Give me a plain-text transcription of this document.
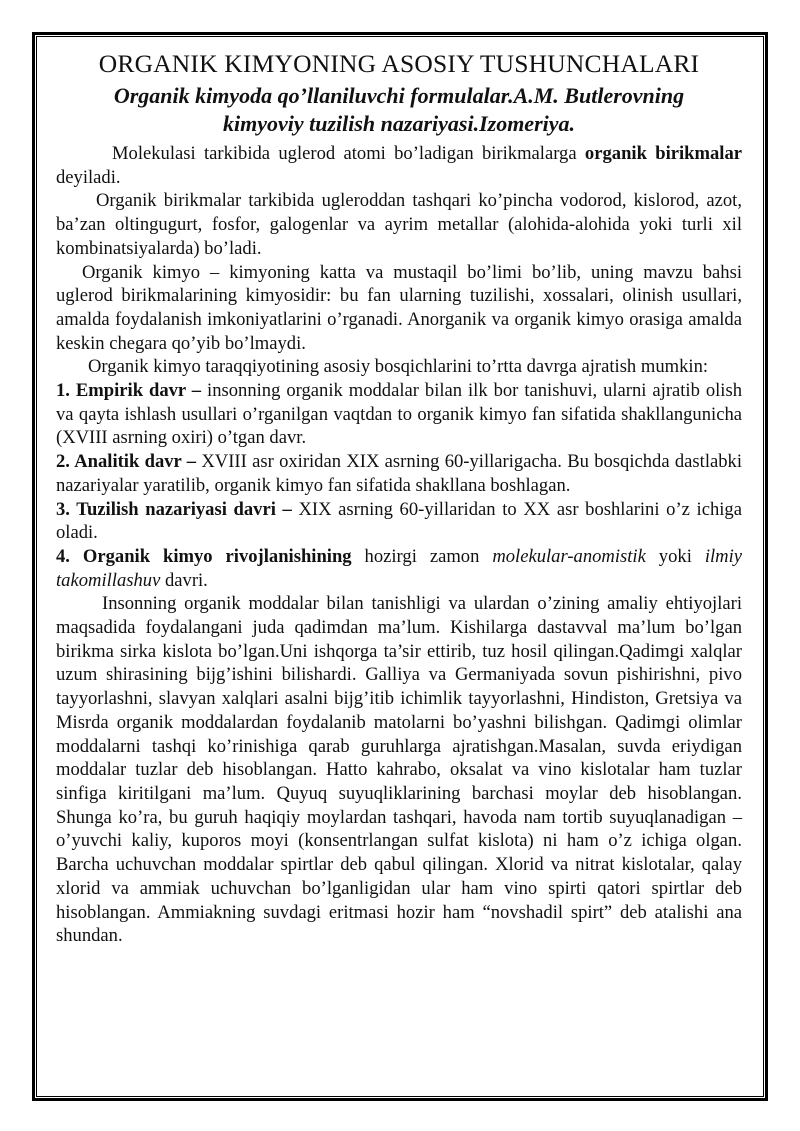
ORGANIK KIMYONING ASOSIY TUSHUNCHALARI
Organik kimyoda qo’llaniluvchi formulalar.A.M. Butlerovning
kimyoviy tuzilish nazariyasi.Izomeriya.

Molekulasi tarkibida uglerod atomi bo’ladigan birikmalarga organik birikmalar deyiladi.

Organik birikmalar tarkibida ugleroddan tashqari ko’pincha vodorod, kislorod, azot, ba’zan oltingugurt, fosfor, galogenlar va ayrim metallar (alohida-alohida yoki turli xil kombinatsiyalarda) bo’ladi.

Organik kimyo – kimyoning katta va mustaqil bo’limi bo’lib, uning mavzu bahsi uglerod birikmalarining kimyosidir: bu fan ularning tuzilishi, xossalari, olinish usullari, amalda foydalanish imkoniyatlarini o’rganadi. Anorganik va organik kimyo orasiga amalda keskin chegara qo’yib bo’lmaydi.

Organik kimyo taraqqiyotining asosiy bosqichlarini to’rtta davrga ajratish mumkin:

1. Empirik davr – insonning organik moddalar bilan ilk bor tanishuvi, ularni ajratib olish va qayta ishlash usullari o’rganilgan vaqtdan to organik kimyo fan sifatida shakllangunicha (XVIII asrning oxiri) o’tgan davr.

2. Analitik davr – XVIII asr oxiridan XIX asrning 60-yillarigacha. Bu bosqichda dastlabki nazariyalar yaratilib, organik kimyo fan sifatida shakllana boshlagan.

3. Tuzilish nazariyasi davri – XIX asrning 60-yillaridan to XX asr boshlarini o’z ichiga oladi.

4. Organik kimyo rivojlanishining hozirgi zamon molekular-anomistik yoki ilmiy takomillashuv davri.

Insonning organik moddalar bilan tanishligi va ulardan o’zining amaliy ehtiyojlari maqsadida foydalangani juda qadimdan ma’lum. Kishilarga dastavval ma’lum bo’lgan birikma sirka kislota bo’lgan.Uni ishqorga ta’sir ettirib, tuz hosil qilingan.Qadimgi xalqlar uzum shirasining bijg’ishini bilishardi. Galliya va Germaniyada sovun pishirishni, pivo tayyorlashni, slavyan xalqlari asalni bijg’itib ichimlik tayyorlashni, Hindiston, Gretsiya va Misrda organik moddalardan foydalanib matolarni bo’yashni bilishgan. Qadimgi olimlar moddalarni tashqi ko’rinishiga qarab guruhlarga ajratishgan.Masalan, suvda eriydigan moddalar tuzlar deb hisoblangan. Hatto kahrabo, oksalat va vino kislotalar ham tuzlar sinfiga kiritilgani ma’lum. Quyuq suyuqliklarining barchasi moylar deb hisoblangan. Shunga ko’ra, bu guruh haqiqiy moylardan tashqari, havoda nam tortib suyuqlanadigan – o’yuvchi kaliy, kuporos moyi (konsentrlangan sulfat kislota) ni ham o’z ichiga olgan. Barcha uchuvchan moddalar spirtlar deb qabul qilingan. Xlorid va nitrat kislotalar, qalay xlorid va ammiak uchuvchan bo’lganligidan ular ham vino spirti qatori spirtlar deb hisoblangan. Ammiakning suvdagi eritmasi hozir ham “novshadil spirt” deb atalishi ana shundan.
